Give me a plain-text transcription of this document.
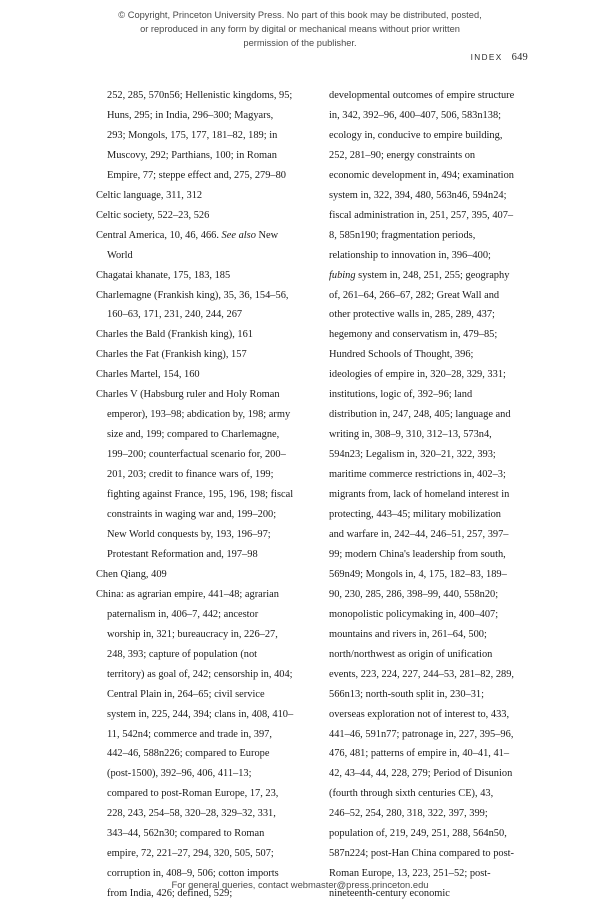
© Copyright, Princeton University Press. No part of this book may be distributed, posted, or reproduced in any form by digital or mechanical means without prior written permission of the publisher.
INDEX 649

252, 285, 570n56; Hellenistic kingdoms, 95; Huns, 295; in India, 296–300; Magyars, 293; Mongols, 175, 177, 181–82, 189; in Muscovy, 292; Parthians, 100; in Roman Empire, 77; steppe effect and, 275, 279–80

Celtic language, 311, 312

Celtic society, 522–23, 526

Central America, 10, 46, 466. See also New World

Chagatai khanate, 175, 183, 185

Charlemagne (Frankish king), 35, 36, 154–56, 160–63, 171, 231, 240, 244, 267

Charles the Bald (Frankish king), 161

Charles the Fat (Frankish king), 157

Charles Martel, 154, 160

Charles V (Habsburg ruler and Holy Roman emperor), 193–98; abdication by, 198; army size and, 199; compared to Charlemagne, 199–200; counterfactual scenario for, 200–201, 203; credit to finance wars of, 199; fighting against France, 195, 196, 198; fiscal constraints in waging war and, 199–200; New World conquests by, 193, 196–97; Protestant Reformation and, 197–98

Chen Qiang, 409

China: as agrarian empire, 441–48; agrarian paternalism in, 406–7, 442; ancestor worship in, 321; bureaucracy in, 226–27, 248, 393; capture of population (not territory) as goal of, 242; censorship in, 404; Central Plain in, 264–65; civil service system in, 225, 244, 394; clans in, 408, 410–11, 542n4; commerce and trade in, 397, 442–46, 588n226; compared to Europe (post-1500), 392–96, 406, 411–13; compared to post-Roman Europe, 17, 23, 228, 243, 254–58, 320–28, 329–32, 331, 343–44, 562n30; compared to Roman empire, 72, 221–27, 294, 320, 505, 507; corruption in, 408–9, 506; cotton imports from India, 426; defined, 529;

developmental outcomes of empire structure in, 342, 392–96, 400–407, 506, 583n138; ecology in, conducive to empire building, 252, 281–90; energy constraints on economic development in, 494; examination system in, 322, 394, 480, 563n46, 594n24; fiscal administration in, 251, 257, 395, 407–8, 585n190; fragmentation periods, relationship to innovation in, 396–400; fubing system in, 248, 251, 255; geography of, 261–64, 266–67, 282; Great Wall and other protective walls in, 285, 289, 437; hegemony and conservatism in, 479–85; Hundred Schools of Thought, 396; ideologies of empire in, 320–28, 329, 331; institutions, logic of, 392–96; land distribution in, 247, 248, 405; language and writing in, 308–9, 310, 312–13, 573n4, 594n23; Legalism in, 320–21, 322, 393; maritime commerce restrictions in, 402–3; migrants from, lack of homeland interest in protecting, 443–45; military mobilization and warfare in, 242–44, 246–51, 257, 397–99; modern China's leadership from south, 569n49; Mongols in, 4, 175, 182–83, 189–90, 230, 285, 286, 398–99, 440, 558n20; monopolistic policymaking in, 400–407; mountains and rivers in, 261–64, 500; north/northwest as origin of unification events, 223, 224, 227, 244–53, 281–82, 289, 566n13; north-south split in, 230–31; overseas exploration not of interest to, 433, 441–46, 591n77; patronage in, 227, 395–96, 476, 481; patterns of empire in, 40–41, 41–42, 43–44, 44, 228, 279; Period of Disunion (fourth through sixth centuries CE), 43, 246–52, 254, 280, 318, 322, 397, 399; population of, 219, 249, 251, 288, 564n50, 587n224; post-Han China compared to post-Roman Europe, 13, 223, 251–52; post-nineteenth-century economic

For general queries, contact webmaster@press.princeton.edu
